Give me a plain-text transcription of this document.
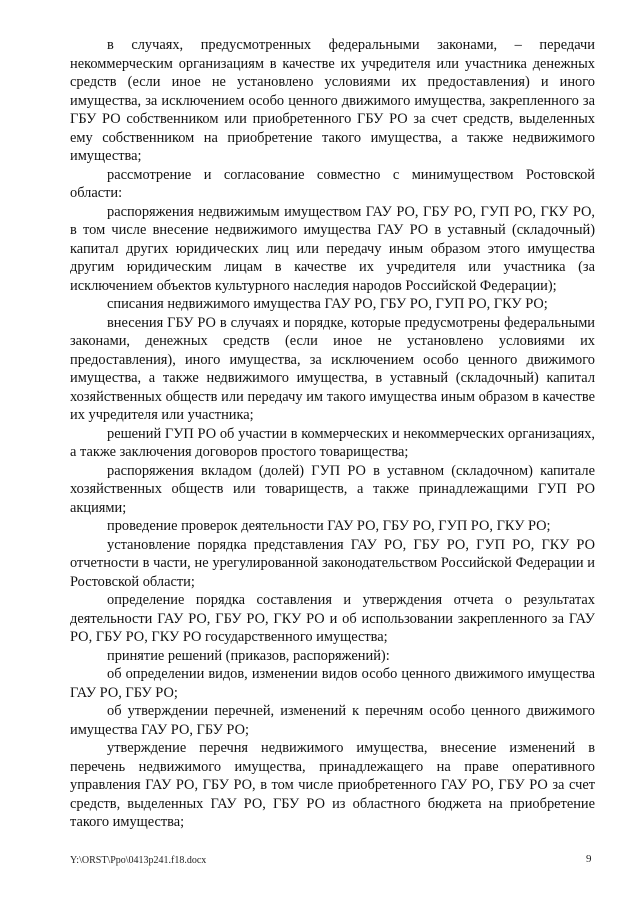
в случаях, предусмотренных федеральными законами, – передачи некоммерческим организациям в качестве их учредителя или участника денежных средств (если иное не установлено условиями их предоставления) и иного имущества, за исключением особо ценного движимого имущества, закрепленного за ГБУ РО собственником или приобретенного ГБУ РО за счет средств, выделенных ему собственником на приобретение такого имущества, а также недвижимого имущества;

рассмотрение и согласование совместно с минимуществом Ростовской области:

распоряжения недвижимым имуществом ГАУ РО, ГБУ РО, ГУП РО, ГКУ РО, в том числе внесение недвижимого имущества ГАУ РО в уставный (складочный) капитал других юридических лиц или передачу иным образом этого имущества другим юридическим лицам в качестве их учредителя или участника (за исключением объектов культурного наследия народов Российской Федерации);

списания недвижимого имущества ГАУ РО, ГБУ РО, ГУП РО, ГКУ РО;

внесения ГБУ РО в случаях и порядке, которые предусмотрены федеральными законами, денежных средств (если иное не установлено условиями их предоставления), иного имущества, за исключением особо ценного движимого имущества, а также недвижимого имущества, в уставный (складочный) капитал хозяйственных обществ или передачу им такого имущества иным образом в качестве их учредителя или участника;

решений ГУП РО об участии в коммерческих и некоммерческих организациях, а также заключения договоров простого товарищества;

распоряжения вкладом (долей) ГУП РО в уставном (складочном) капитале хозяйственных обществ или товариществ, а также принадлежащими ГУП РО акциями;

проведение проверок деятельности ГАУ РО, ГБУ РО, ГУП РО, ГКУ РО;

установление порядка представления ГАУ РО, ГБУ РО, ГУП РО, ГКУ РО отчетности в части, не урегулированной законодательством Российской Федерации и Ростовской области;

определение порядка составления и утверждения отчета о результатах деятельности ГАУ РО, ГБУ РО, ГКУ РО и об использовании закрепленного за ГАУ РО, ГБУ РО, ГКУ РО государственного имущества;

принятие решений (приказов, распоряжений):

об определении видов, изменении видов особо ценного движимого имущества ГАУ РО, ГБУ РО;

об утверждении перечней, изменений к перечням особо ценного движимого имущества ГАУ РО, ГБУ РО;

утверждение перечня недвижимого имущества, внесение изменений в перечень недвижимого имущества, принадлежащего на праве оперативного управления ГАУ РО, ГБУ РО, в том числе приобретенного ГАУ РО, ГБУ РО за счет средств, выделенных ГАУ РО, ГБУ РО из областного бюджета на приобретение такого имущества;

Y:\ORST\Ppo\0413p241.f18.docx	9
